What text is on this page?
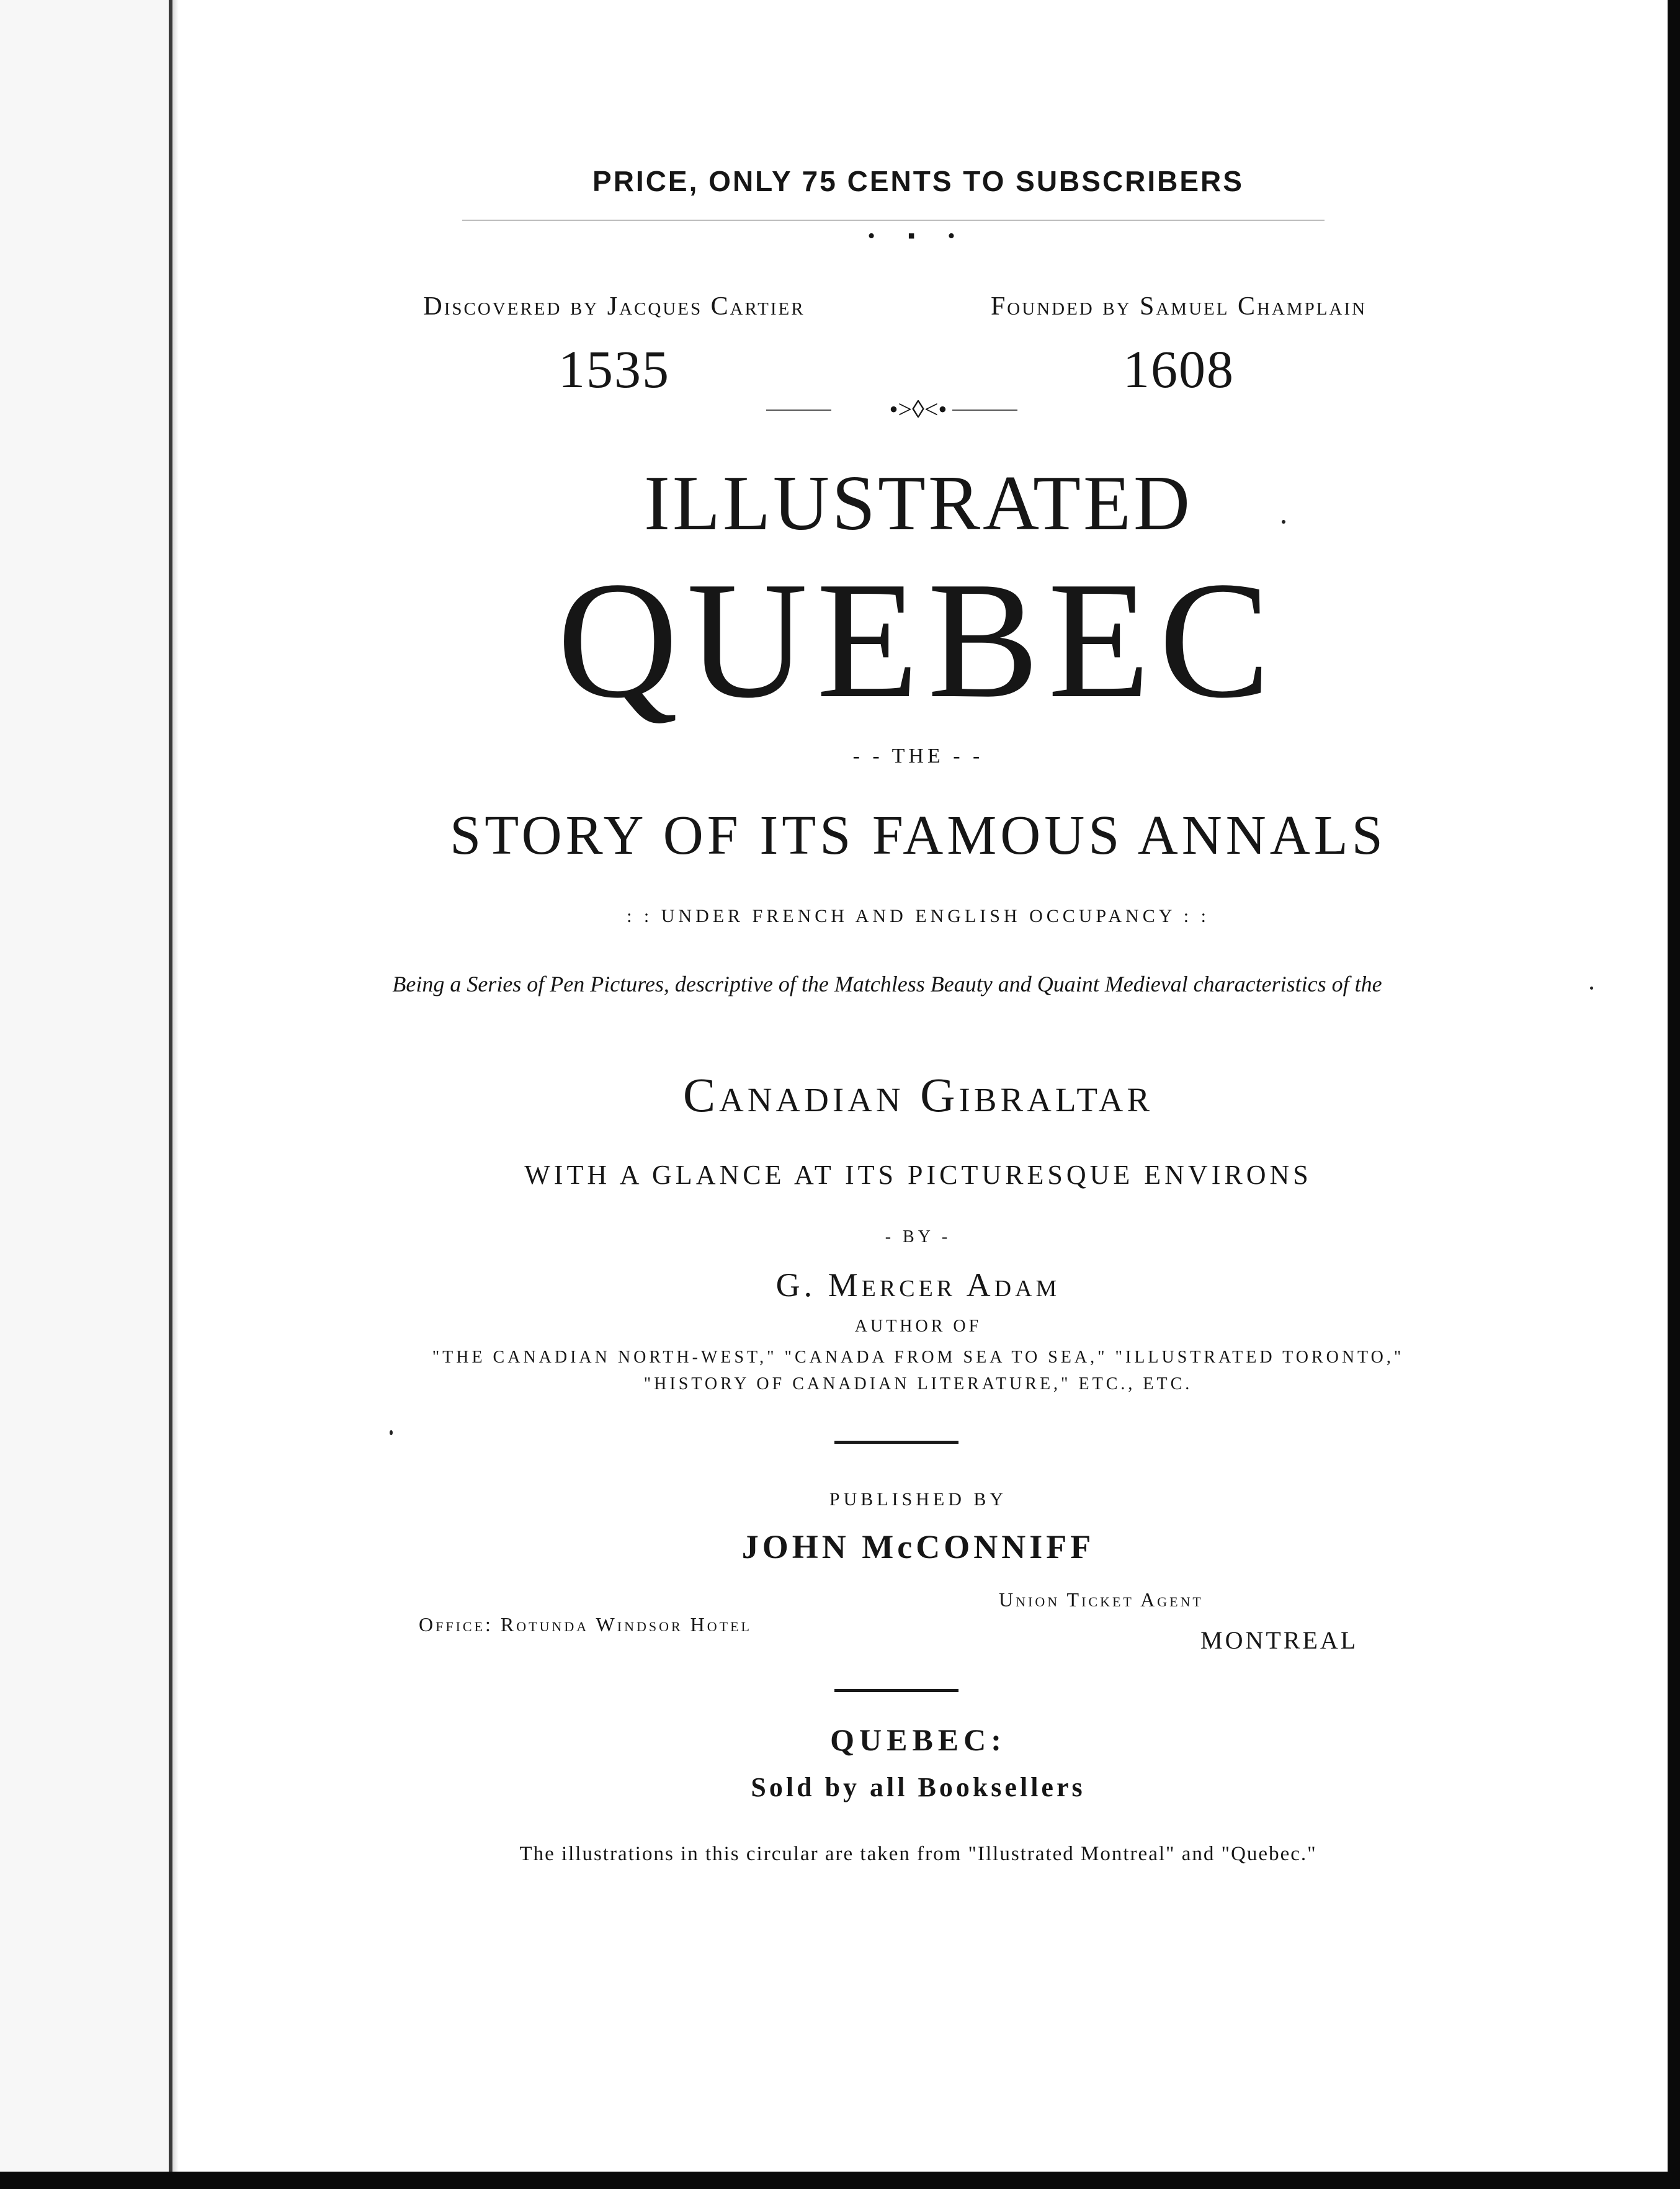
PRICE, ONLY 75 CENTS TO SUBSCRIBERS

• ▪ •

Discovered by Jacques Cartier	Founded by Samuel Champlain
1535	1608

•>◊<•

ILLUSTRATED
QUEBEC

- - THE - -

STORY OF ITS FAMOUS ANNALS

: : UNDER FRENCH AND ENGLISH OCCUPANCY : :

Being a Series of Pen Pictures, descriptive of the Matchless Beauty and Quaint Medieval characteristics of the

Canadian Gibraltar

WITH A GLANCE AT ITS PICTURESQUE ENVIRONS

- BY -

G. Mercer Adam

AUTHOR OF

"THE CANADIAN NORTH-WEST," "CANADA FROM SEA TO SEA," "ILLUSTRATED TORONTO,"

"HISTORY OF CANADIAN LITERATURE," ETC., ETC.

PUBLISHED BY

JOHN McCONNIFF

Union Ticket Agent
Office: Rotunda Windsor Hotel
MONTREAL

QUEBEC:

Sold by all Booksellers

The illustrations in this circular are taken from "Illustrated Montreal" and "Quebec."
